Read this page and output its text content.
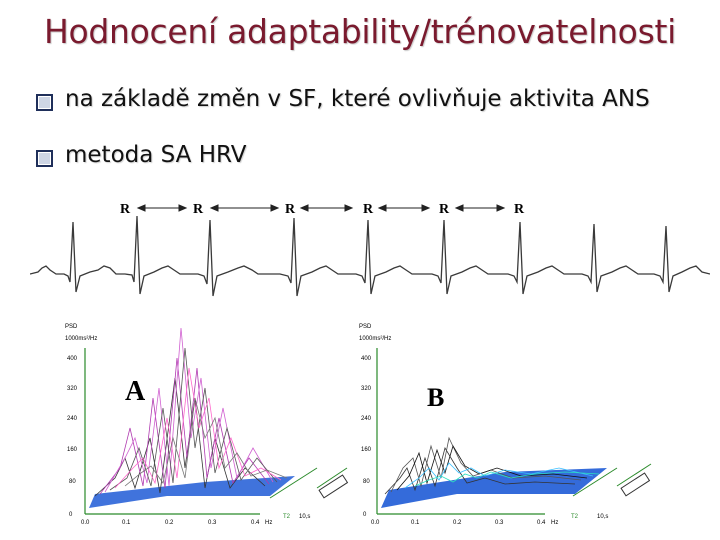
Hodnocení adaptability/trénovatelnosti
na základě změn v SF, které ovlivňuje aktivita ANS
metoda SA HRV
R	R	R	R	R	R
PSD
1000ms²/Hz
400
320
240
160
80
0
A
0.0	0.1	0.2	0.3	0.4 Hz
T2 10,s
PSD
1000ms²/Hz
400
320
240
160
80
0
B
0.0	0.1	0.2	0.3	0.4 Hz
T2	10,s
